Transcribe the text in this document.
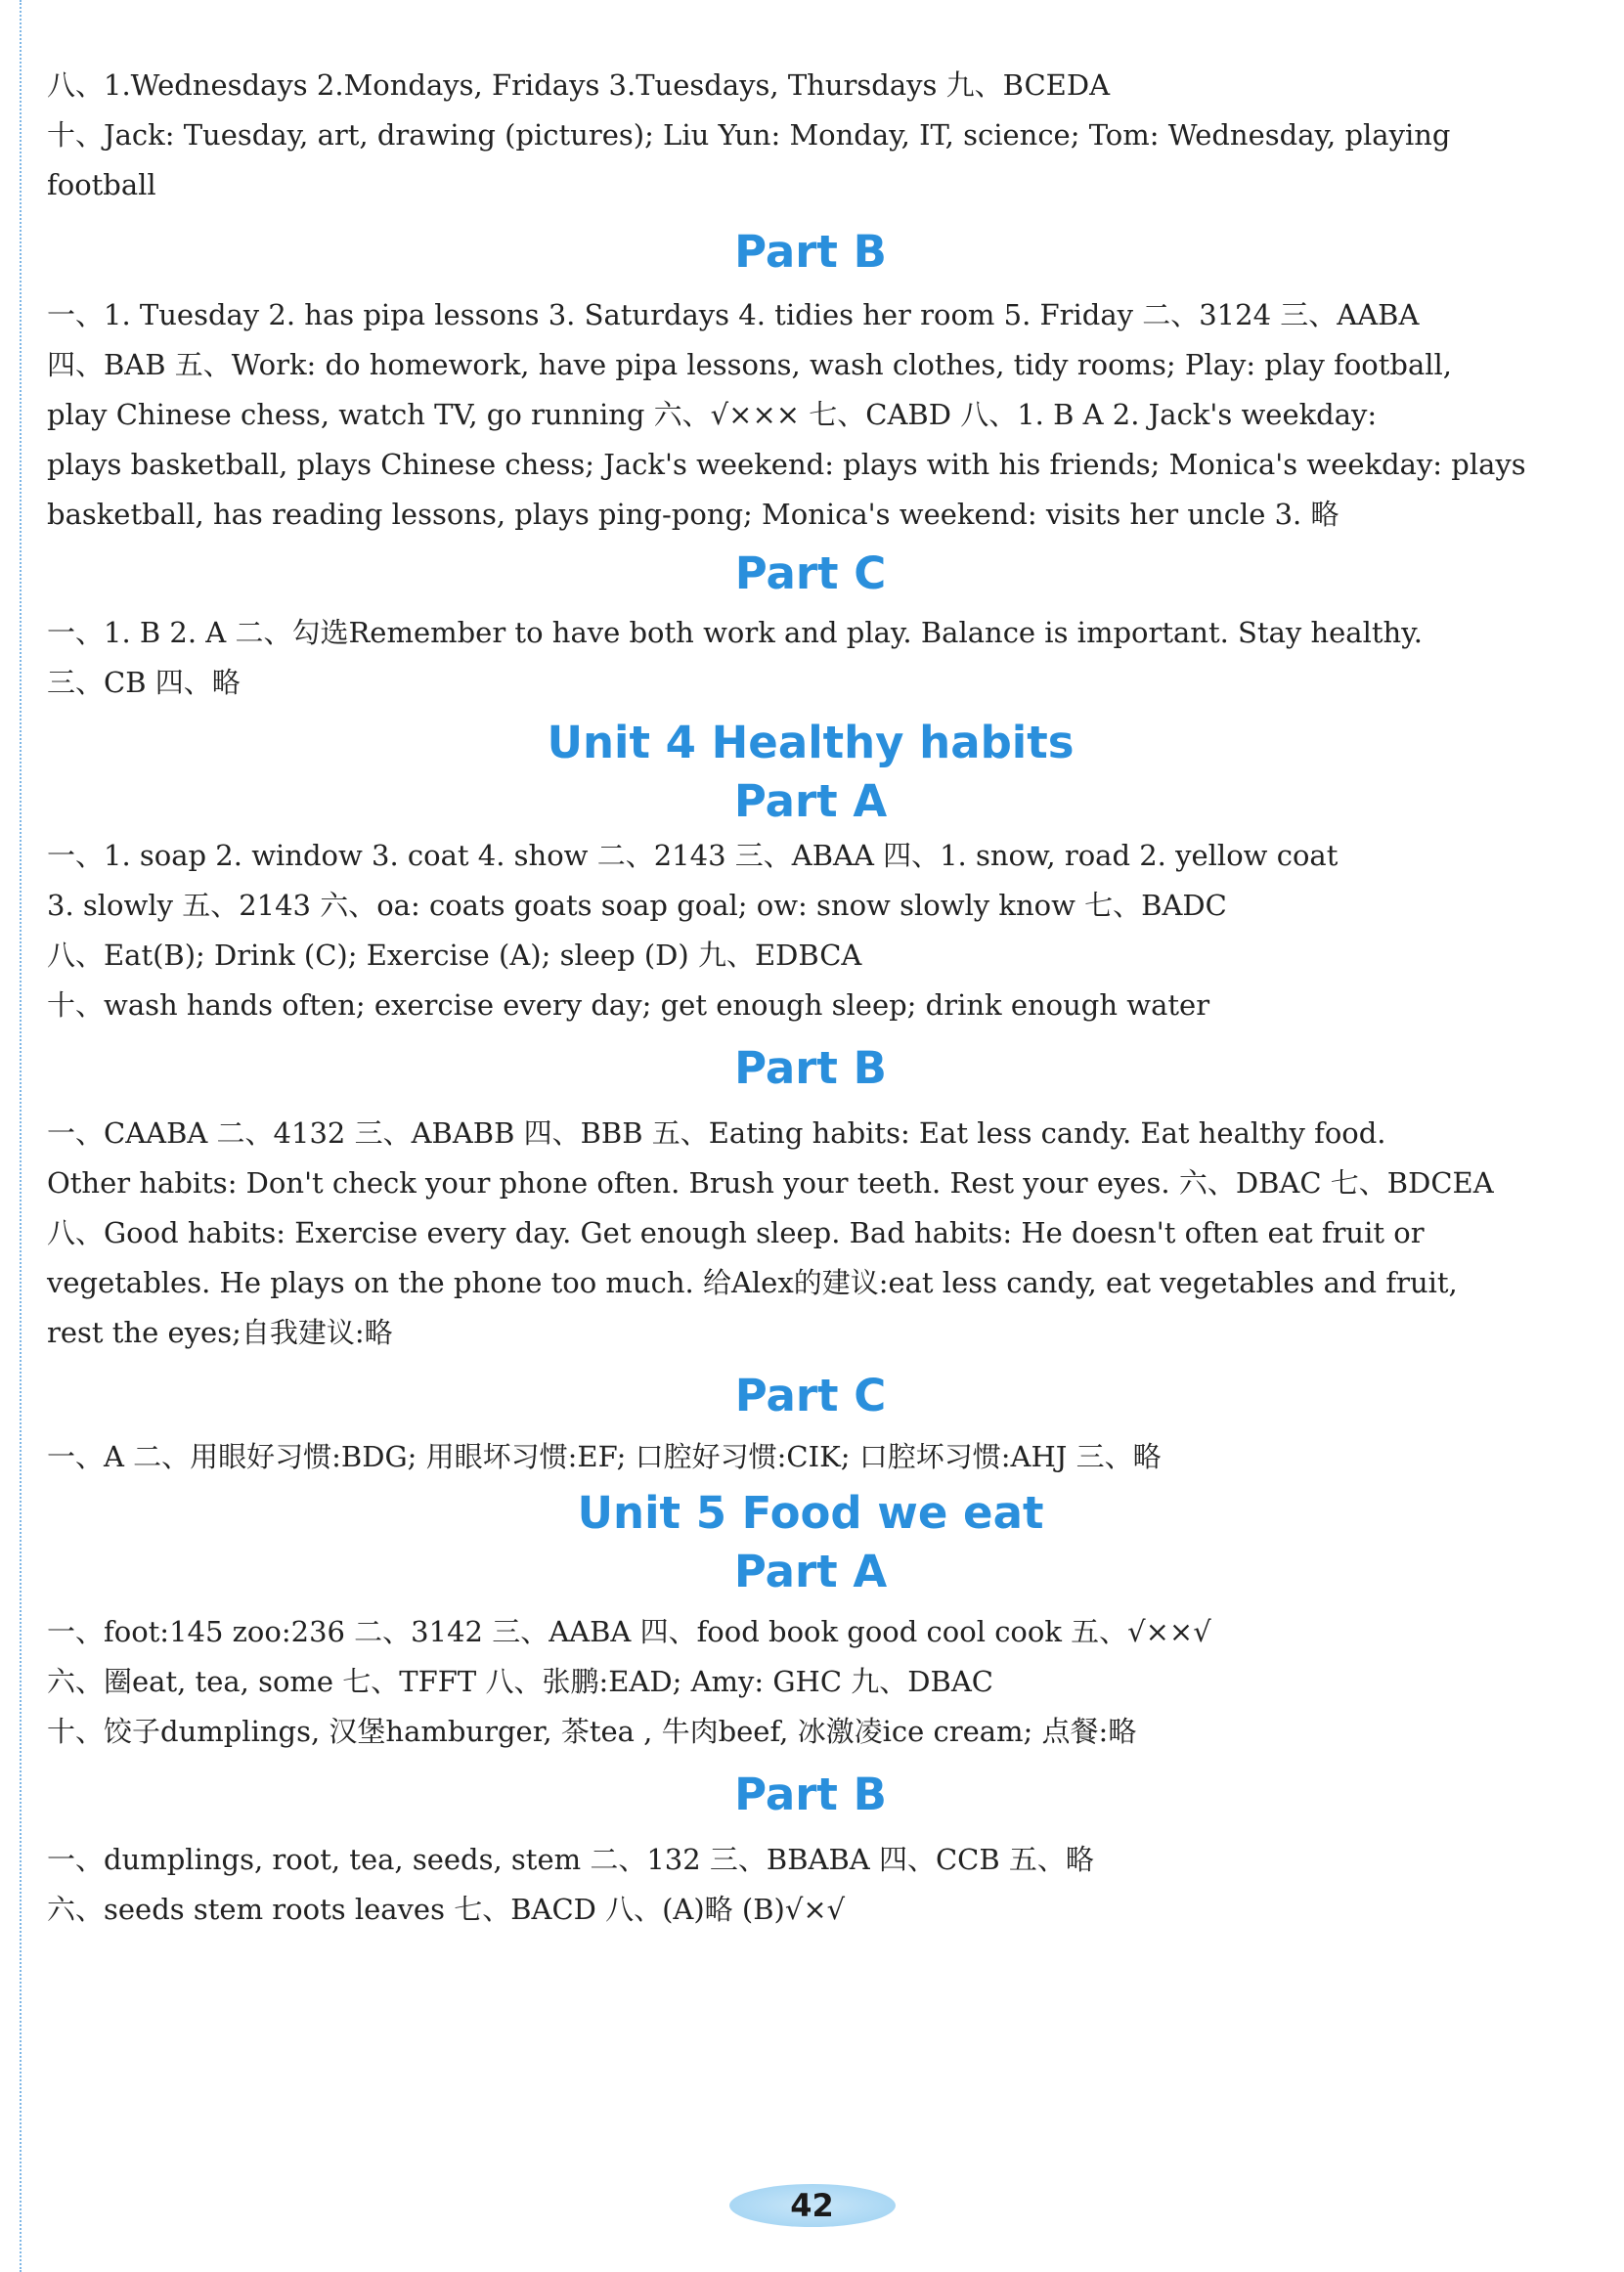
八、1.Wednesdays 2.Mondays, Fridays 3.Tuesdays, Thursdays 九、BCEDA

十、Jack: Tuesday, art, drawing (pictures); Liu Yun: Monday, IT, science; Tom: Wednesday, playing

football

Part B

一、1. Tuesday 2. has pipa lessons 3. Saturdays 4. tidies her room 5. Friday 二、3124 三、AABA

四、BAB 五、Work: do homework, have pipa lessons, wash clothes, tidy rooms; Play: play football,

play Chinese chess, watch TV, go running 六、√××× 七、CABD 八、1. B A 2. Jack's weekday:

plays basketball, plays Chinese chess; Jack's weekend: plays with his friends; Monica's weekday: plays

basketball, has reading lessons, plays ping-pong; Monica's weekend: visits her uncle 3. 略

Part C

一、1. B 2. A 二、勾选Remember to have both work and play. Balance is important. Stay healthy.

三、CB 四、略

Unit 4 Healthy habits
Part A

一、1. soap 2. window 3. coat 4. show 二、2143 三、ABAA 四、1. snow, road 2. yellow coat

3. slowly 五、2143 六、oa: coats goats soap goal; ow: snow slowly know 七、BADC

八、Eat(B); Drink (C); Exercise (A); sleep (D) 九、EDBCA

十、wash hands often; exercise every day; get enough sleep; drink enough water

Part B

一、CAABA 二、4132 三、ABABB 四、BBB 五、Eating habits: Eat less candy. Eat healthy food.

Other habits: Don't check your phone often. Brush your teeth. Rest your eyes. 六、DBAC 七、BDCEA

八、Good habits: Exercise every day. Get enough sleep. Bad habits: He doesn't often eat fruit or

vegetables. He plays on the phone too much. 给Alex的建议:eat less candy, eat vegetables and fruit,

rest the eyes;自我建议:略

Part C

一、A 二、用眼好习惯:BDG; 用眼坏习惯:EF; 口腔好习惯:CIK; 口腔坏习惯:AHJ 三、略

Unit 5 Food we eat
Part A

一、foot:145 zoo:236 二、3142 三、AABA 四、food book good cool cook 五、√××√

六、圈eat, tea, some 七、TFFT 八、张鹏:EAD; Amy: GHC 九、DBAC

十、饺子dumplings, 汉堡hamburger, 茶tea , 牛肉beef, 冰激凌ice cream; 点餐:略

Part B

一、dumplings, root, tea, seeds, stem 二、132 三、BBABA 四、CCB 五、略

六、seeds stem roots leaves 七、BACD 八、(A)略 (B)√×√

42
